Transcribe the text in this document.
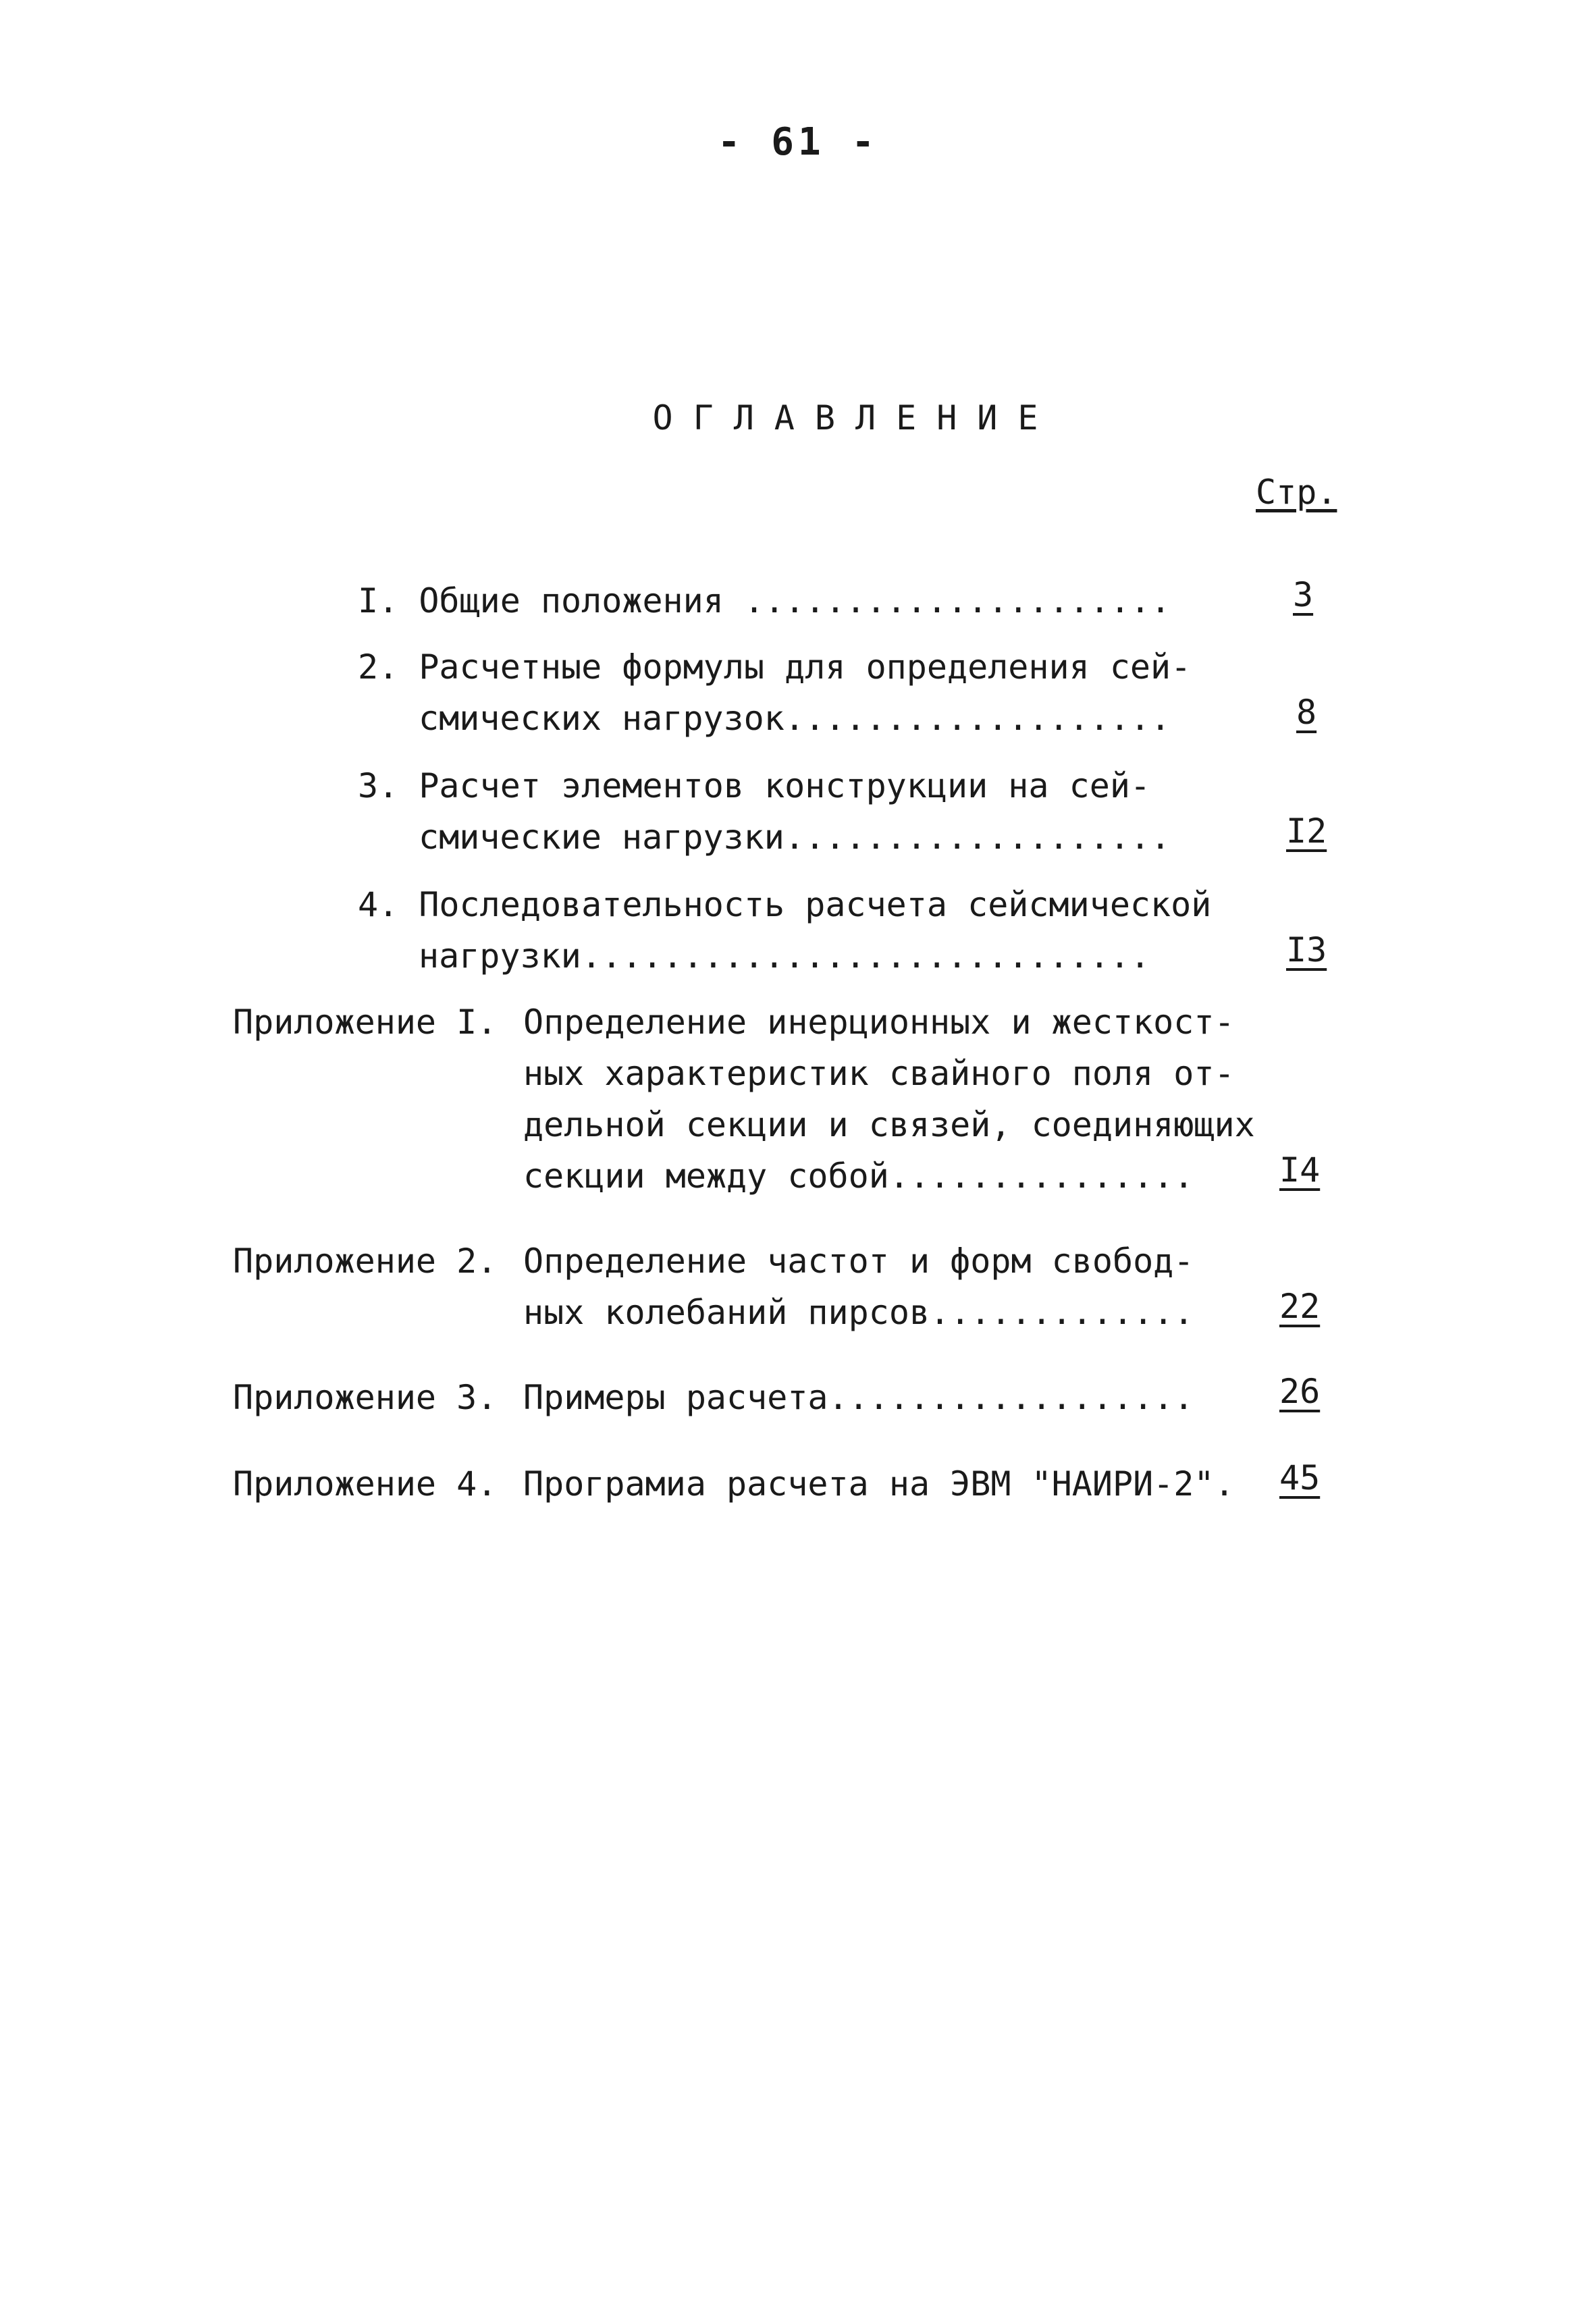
- 61 -
ОГЛАВЛЕНИЕ
Стр.
I. Общие положения .....................	3
2. Расчетные формулы для определения сей-
смических нагрузок...................	8
3. Расчет элементов конструкции на сей-
смические нагрузки...................	I2
4. Последовательность расчета сейсмической
нагрузки............................	I3
Приложение I. Определение инерционных и жесткост-
ных характеристик свайного поля от-
дельной секции и связей, соединяющих
секции между собой...............	I4
Приложение 2. Определение частот и форм свобод-
ных колебаний пирсов.............	22
Приложение 3. Примеры расчета..................	26
Приложение 4. Програмиа расчета на ЭВМ "НАИРИ-2". 45
